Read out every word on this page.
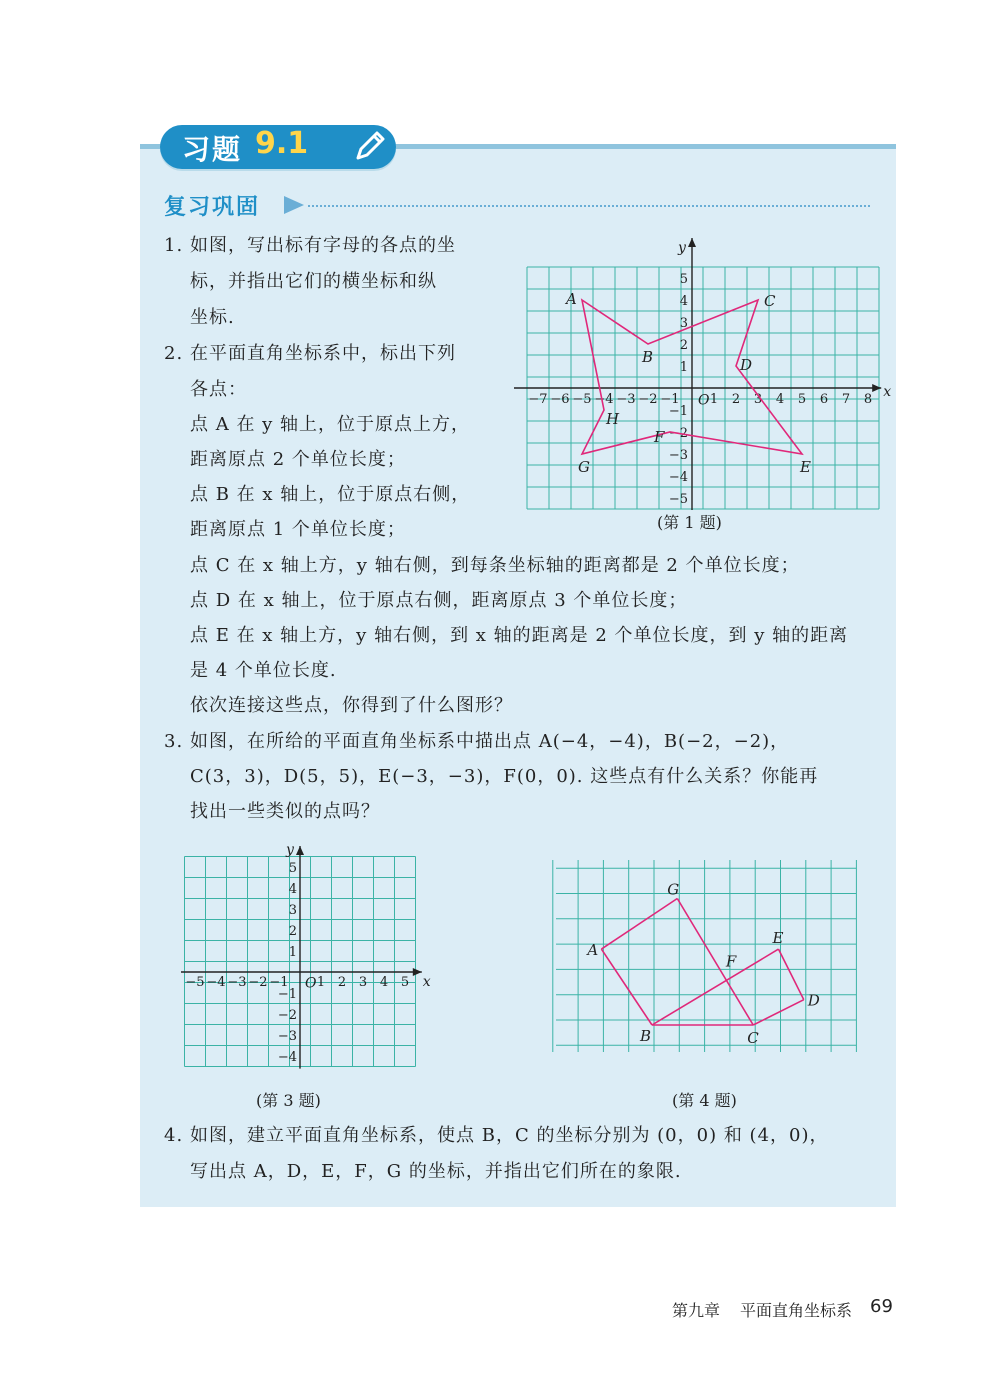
习题 9.1
复习巩固
1. 如图，写出标有字母的各点的坐
标，并指出它们的横坐标和纵
坐标.
2. 在平面直角坐标系中，标出下列
各点：
点 A 在 y 轴上，位于原点上方，
距离原点 2 个单位长度；
点 B 在 x 轴上，位于原点右侧，
距离原点 1 个单位长度；
点 C 在 x 轴上方，y 轴右侧，到每条坐标轴的距离都是 2 个单位长度；
点 D 在 x 轴上，位于原点右侧，距离原点 3 个单位长度；
点 E 在 x 轴上方，y 轴右侧，到 x 轴的距离是 2 个单位长度，到 y 轴的距离
是 4 个单位长度.
依次连接这些点，你得到了什么图形？
3. 如图，在所给的平面直角坐标系中描出点 A(−4，−4)，B(−2，−2)，
C(3，3)，D(5，5)，E(−3，−3)，F(0，0). 这些点有什么关系？你能再
找出一些类似的点吗？
4. 如图，建立平面直角坐标系，使点 B，C 的坐标分别为 (0，0) 和 (4，0)，
写出点 A，D，E，F，G 的坐标，并指出它们所在的象限.
−7 −6 −5 −4 −3 −2 −1 1 2 3 4 5 6 7 8
5
4
3
2
1
−1
−2
−3
−4
−5
O
x
y
A
B
C
D
E
F
G
H
(第 1 题)
−5 −4 −3 −2 −1 1 2 3 4 5
5
4
3
2
1
−1
−2
−3
−4
O	x
y
(第 3 题)
A
B	C
D
E
F
G
(第 4 题)
第九章 平面直角坐标系 69
